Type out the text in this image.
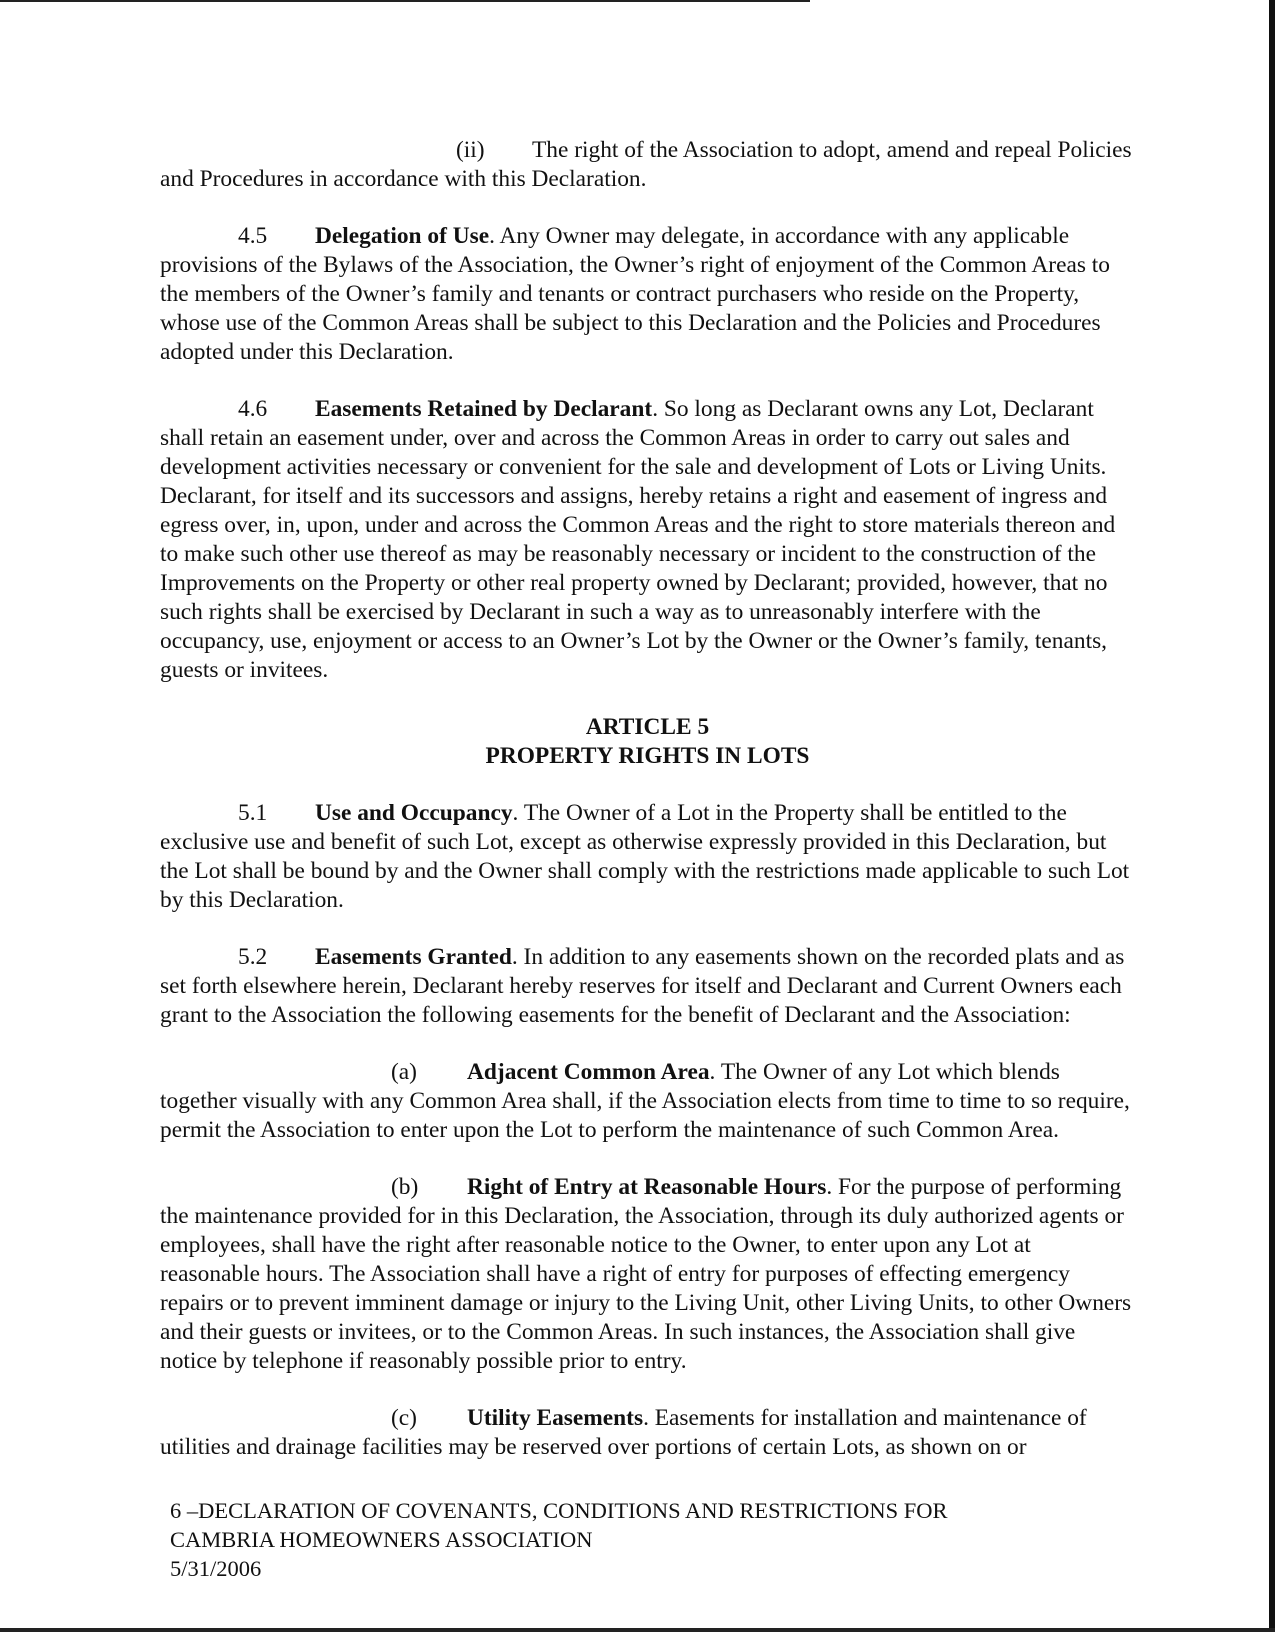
(ii) The right of the Association to adopt, amend and repeal Policies and Procedures in accordance with this Declaration.

4.5 Delegation of Use. Any Owner may delegate, in accordance with any applicable provisions of the Bylaws of the Association, the Owner’s right of enjoyment of the Common Areas to the members of the Owner’s family and tenants or contract purchasers who reside on the Property, whose use of the Common Areas shall be subject to this Declaration and the Policies and Procedures adopted under this Declaration.

4.6 Easements Retained by Declarant. So long as Declarant owns any Lot, Declarant shall retain an easement under, over and across the Common Areas in order to carry out sales and development activities necessary or convenient for the sale and development of Lots or Living Units. Declarant, for itself and its successors and assigns, hereby retains a right and easement of ingress and egress over, in, upon, under and across the Common Areas and the right to store materials thereon and to make such other use thereof as may be reasonably necessary or incident to the construction of the Improvements on the Property or other real property owned by Declarant; provided, however, that no such rights shall be exercised by Declarant in such a way as to unreasonably interfere with the occupancy, use, enjoyment or access to an Owner’s Lot by the Owner or the Owner’s family, tenants, guests or invitees.

ARTICLE 5
PROPERTY RIGHTS IN LOTS

5.1 Use and Occupancy. The Owner of a Lot in the Property shall be entitled to the exclusive use and benefit of such Lot, except as otherwise expressly provided in this Declaration, but the Lot shall be bound by and the Owner shall comply with the restrictions made applicable to such Lot by this Declaration.

5.2 Easements Granted. In addition to any easements shown on the recorded plats and as set forth elsewhere herein, Declarant hereby reserves for itself and Declarant and Current Owners each grant to the Association the following easements for the benefit of Declarant and the Association:

(a) Adjacent Common Area. The Owner of any Lot which blends together visually with any Common Area shall, if the Association elects from time to time to so require, permit the Association to enter upon the Lot to perform the maintenance of such Common Area.

(b) Right of Entry at Reasonable Hours. For the purpose of performing the maintenance provided for in this Declaration, the Association, through its duly authorized agents or employees, shall have the right after reasonable notice to the Owner, to enter upon any Lot at reasonable hours. The Association shall have a right of entry for purposes of effecting emergency repairs or to prevent imminent damage or injury to the Living Unit, other Living Units, to other Owners and their guests or invitees, or to the Common Areas. In such instances, the Association shall give notice by telephone if reasonably possible prior to entry.

(c) Utility Easements. Easements for installation and maintenance of utilities and drainage facilities may be reserved over portions of certain Lots, as shown on or

6 –DECLARATION OF COVENANTS, CONDITIONS AND RESTRICTIONS FOR
CAMBRIA HOMEOWNERS ASSOCIATION
5/31/2006
